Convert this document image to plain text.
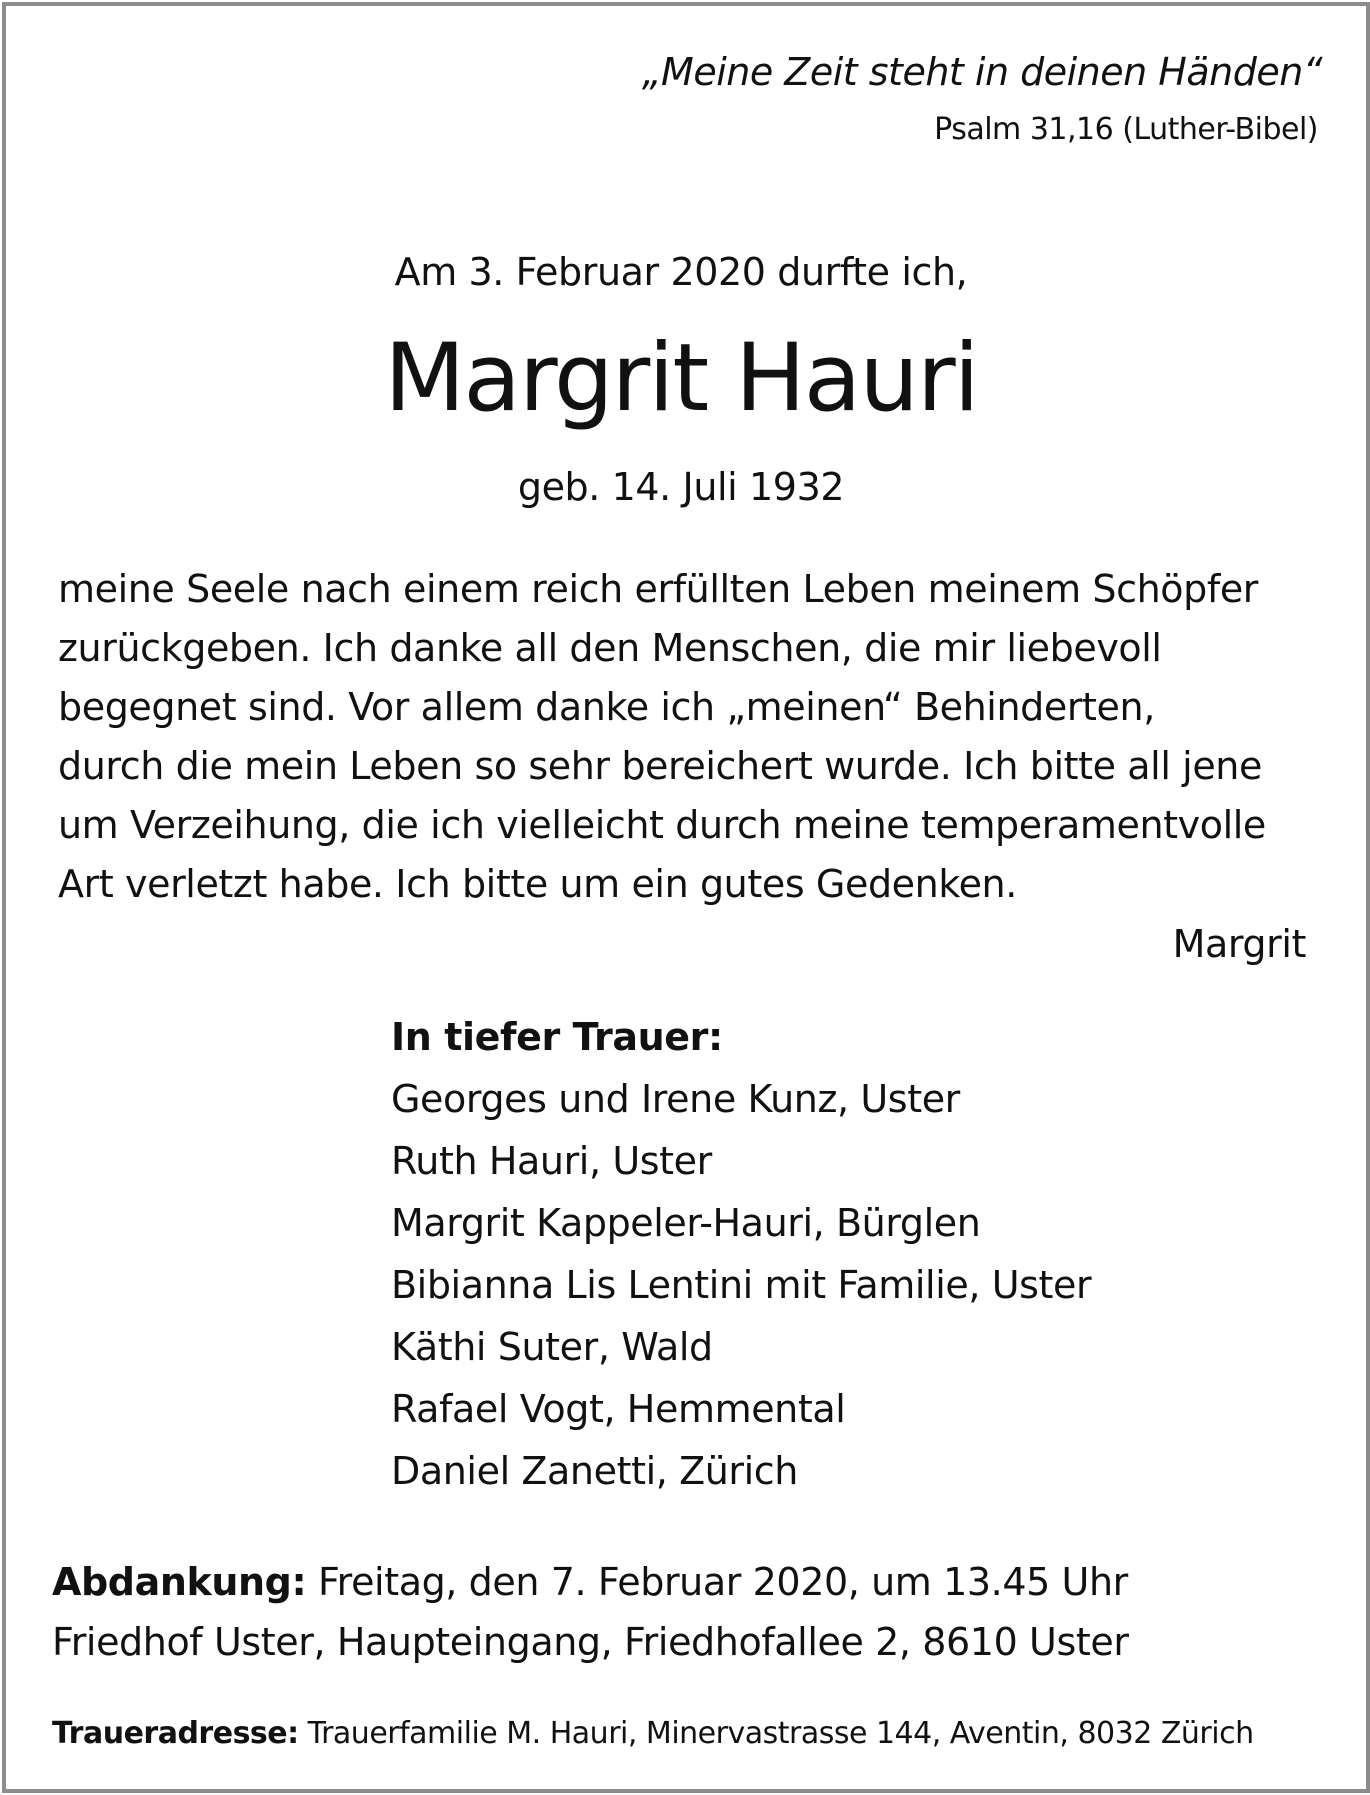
„Meine Zeit steht in deinen Händen“
Psalm 31,16 (Luther-Bibel)
Am 3. Februar 2020 durfte ich,
Margrit Hauri
geb. 14. Juli 1932
meine Seele nach einem reich erfüllten Leben meinem Schöpfer
zurückgeben. Ich danke all den Menschen, die mir liebevoll
begegnet sind. Vor allem danke ich „meinen“ Behinderten,
durch die mein Leben so sehr bereichert wurde. Ich bitte all jene
um Verzeihung, die ich vielleicht durch meine temperamentvolle
Art verletzt habe. Ich bitte um ein gutes Gedenken.
Margrit
In tiefer Trauer:
Georges und Irene Kunz, Uster
Ruth Hauri, Uster
Margrit Kappeler-Hauri, Bürglen
Bibianna Lis Lentini mit Familie, Uster
Käthi Suter, Wald
Rafael Vogt, Hemmental
Daniel Zanetti, Zürich
Abdankung: Freitag, den 7. Februar 2020, um 13.45 Uhr
Friedhof Uster, Haupteingang, Friedhofallee 2, 8610 Uster
Traueradresse: Trauerfamilie M. Hauri, Minervastrasse 144, Aventin, 8032 Zürich
